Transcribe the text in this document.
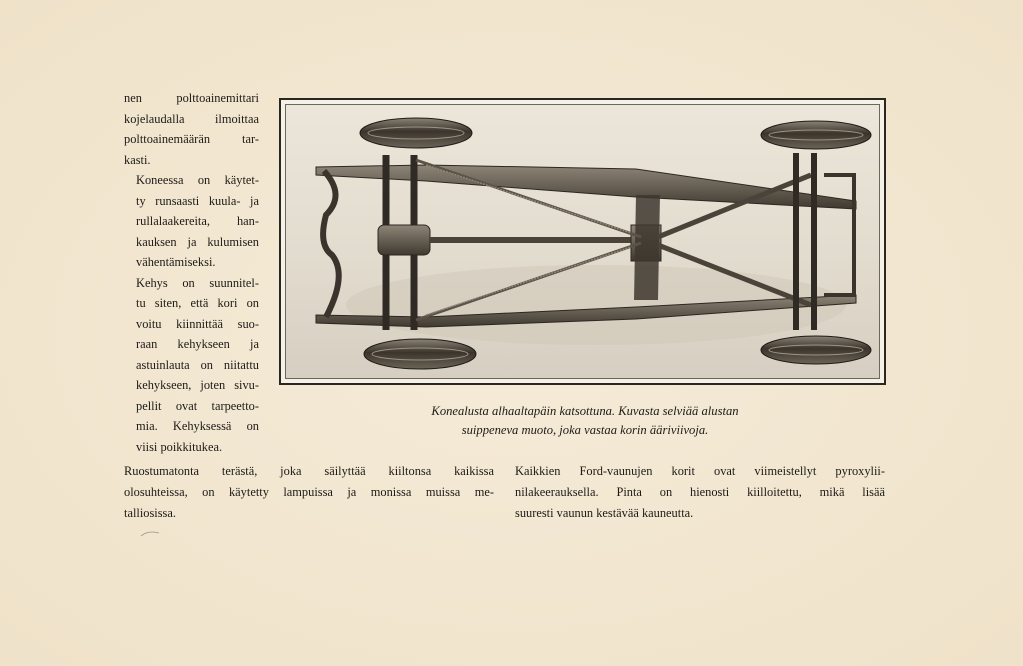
nen polttoainemittari
kojelaudalla ilmoittaa
polttoainemäärän tar-
kasti.

Koneessa on käytet-
ty runsaasti kuula- ja
rullalaakereita, han-
kauksen ja kulumisen
vähentämiseksi.

Kehys on suunnitel-
tu siten, että kori on
voitu kiinnittää suo-
raan kehykseen ja
astuinlauta on niitattu
kehykseen, joten sivu-
pellit ovat tarpeetto-
mia. Kehyksessä on
viisi poikkitukea.

Konealusta alhaaltapäin katsottuna. Kuvasta selviää alustan
suippeneva muoto, joka vastaa korin ääriviivoja.
Ruostumatonta terästä, joka säilyttää kiiltonsa kaikissa
olosuhteissa, on käytetty lampuissa ja monissa muissa me-
talliosissa.
Kaikkien Ford-vaunujen korit ovat viimeistellyt pyroxylii-
nilakeerauksella. Pinta on hienosti kiilloitettu, mikä lisää
suuresti vaunun kestävää kauneutta.
